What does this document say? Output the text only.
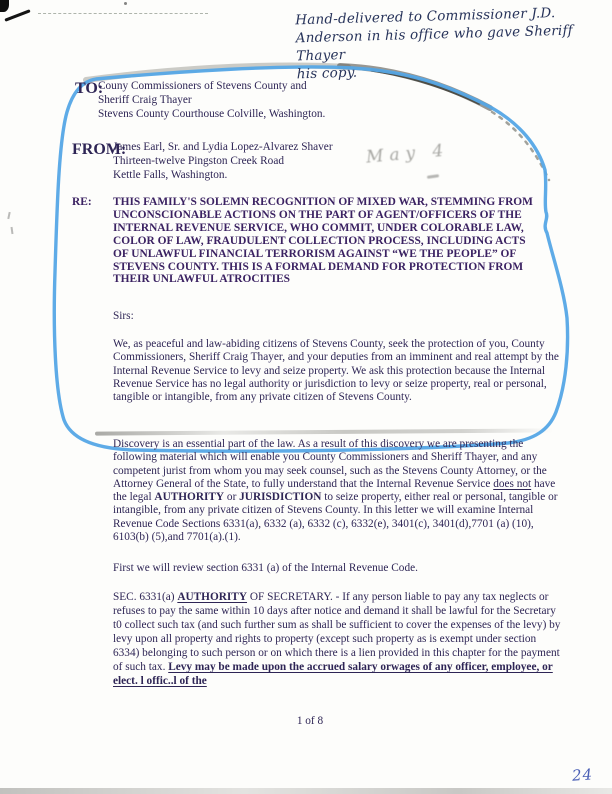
Hand-delivered to Commissioner J.D.
Anderson in his office who gave Sheriff Thayer
his copy.
May 4
TO:
Couny Commissioners of Stevens County and
Sheriff Craig Thayer
Stevens County Courthouse Colville, Washington.
FROM:
James Earl, Sr. and Lydia Lopez-Alvarez Shaver
Thirteen-twelve Pingston Creek Road
Kettle Falls, Washington.
RE: THIS FAMILY'S SOLEMN RECOGNITION OF MIXED WAR, STEMMING FROM
UNCONSCIONABLE ACTIONS ON THE PART OF AGENT/OFFICERS OF THE
INTERNAL REVENUE SERVICE, WHO COMMIT, UNDER COLORABLE LAW,
COLOR OF LAW, FRAUDULENT COLLECTION PROCESS, INCLUDING ACTS
OF UNLAWFUL FINANCIAL TERRORISM AGAINST “WE THE PEOPLE” OF
STEVENS COUNTY. THIS IS A FORMAL DEMAND FOR PROTECTION FROM
THEIR UNLAWFUL ATROCITIES
Sirs:
We, as peaceful and law-abiding citizens of Stevens County, seek the protection of you, County Commissioners, Sheriff Craig Thayer, and your deputies from an imminent and real attempt by the Internal Revenue Service to levy and seize property. We ask this protection because the Internal Revenue Service has no legal authority or jurisdiction to levy or seize property, real or personal, tangible or intangible, from any private citizen of Stevens County.
Discovery is an essential part of the law. As a result of this discovery we are presenting the following material which will enable you County Commissioners and Sheriff Thayer, and any competent jurist from whom you may seek counsel, such as the Stevens County Attorney, or the Attorney General of the State, to fully understand that the Internal Revenue Service does not have the legal AUTHORITY or JURISDICTION to seize property, either real or personal, tangible or intangible, from any private citizen of Stevens County. In this letter we will examine Internal Revenue Code Sections 6331(a), 6332 (a), 6332 (c), 6332(e), 3401(c), 3401(d),7701 (a) (10), 6103(b) (5),and 7701(a).(1).
First we will review section 6331 (a) of the Internal Revenue Code.
SEC. 6331(a) AUTHORITY OF SECRETARY. - If any person liable to pay any tax neglects or refuses to pay the same within 10 days after notice and demand it shall be lawful for the Secretary t0 collect such tax (and such further sum as shall be sufficient to cover the expenses of the levy) by levy upon all property and rights to property (except such property as is exempt under section 6334) belonging to such person or on which there is a lien provided in this chapter for the payment of such tax. Levy may be made upon the accrued salary orwages of any officer, employee, or elect. l offic..l of the
1 of 8
24
